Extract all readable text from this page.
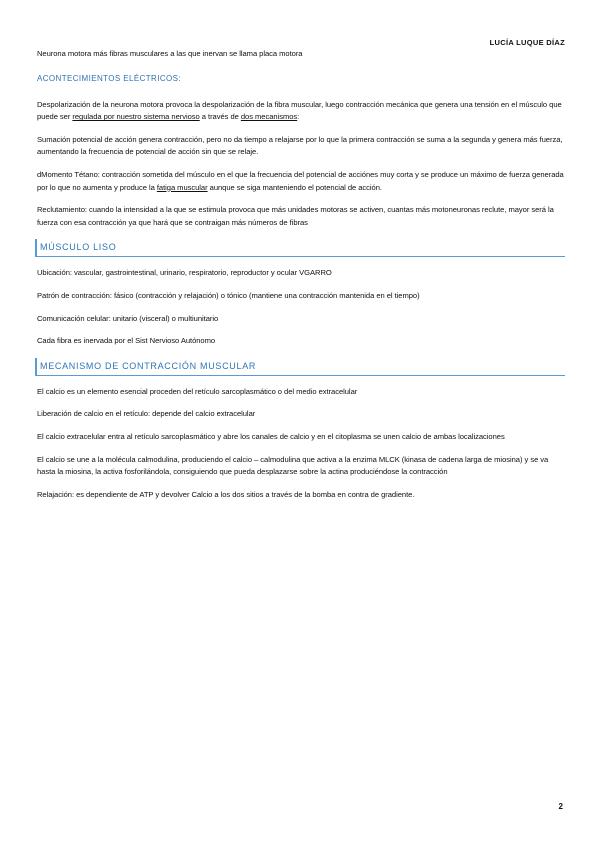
LUCÍA LUQUE DÍAZ

Neurona motora más fibras musculares a las que inervan se llama placa motora

ACONTECIMIENTOS ELÉCTRICOS:

Despolarización de la neurona motora provoca la despolarización de la fibra muscular, luego contracción mecánica que genera una tensión en el músculo que puede ser regulada por nuestro sistema nervioso a través de dos mecanismos:

Sumación potencial de acción genera contracción, pero no da tiempo a relajarse por lo que la primera contracción se suma a la segunda y genera más fuerza, aumentando la frecuencia de potencial de acción sin que se relaje.

dMomento Tétano: contracción sometida del músculo en el que la frecuencia del potencial de acciónes muy corta y se produce un máximo de fuerza generada por lo que no aumenta y produce la fatiga muscular aunque se siga manteniendo el potencial de acción.

Reclutamiento: cuando la intensidad a la que se estimula provoca que más unidades motoras se activen, cuantas más motoneuronas reclute, mayor será la fuerza con esa contracción ya que hará que se contraigan más números de fibras

MÚSCULO LISO

Ubicación: vascular, gastrointestinal, urinario, respiratorio, reproductor y ocular VGARRO

Patrón de contracción: fásico (contracción y relajación) o tónico (mantiene una contracción mantenida en el tiempo)

Comunicación celular: unitario (visceral) o multiunitario

Cada fibra es inervada por el Sist Nervioso Autónomo

MECANISMO DE CONTRACCIÓN MUSCULAR

El calcio es un elemento esencial proceden del retículo sarcoplasmático o del medio extracelular

Liberación de calcio en el retículo: depende del calcio extracelular

El calcio extracelular entra al retículo sarcoplasmático y abre los canales de calcio y en el citoplasma se unen calcio de ambas localizaciones

El calcio se une a la molécula calmodulina, produciendo el calcio – calmodulina que activa a la enzima MLCK (kinasa de cadena larga de miosina) y se va hasta la miosina, la activa fosforilándola, consiguiendo que pueda desplazarse sobre la actina produciéndose la contracción

Relajación: es dependiente de ATP y devolver Calcio a los dos sitios a través de la bomba en contra de gradiente.

2
